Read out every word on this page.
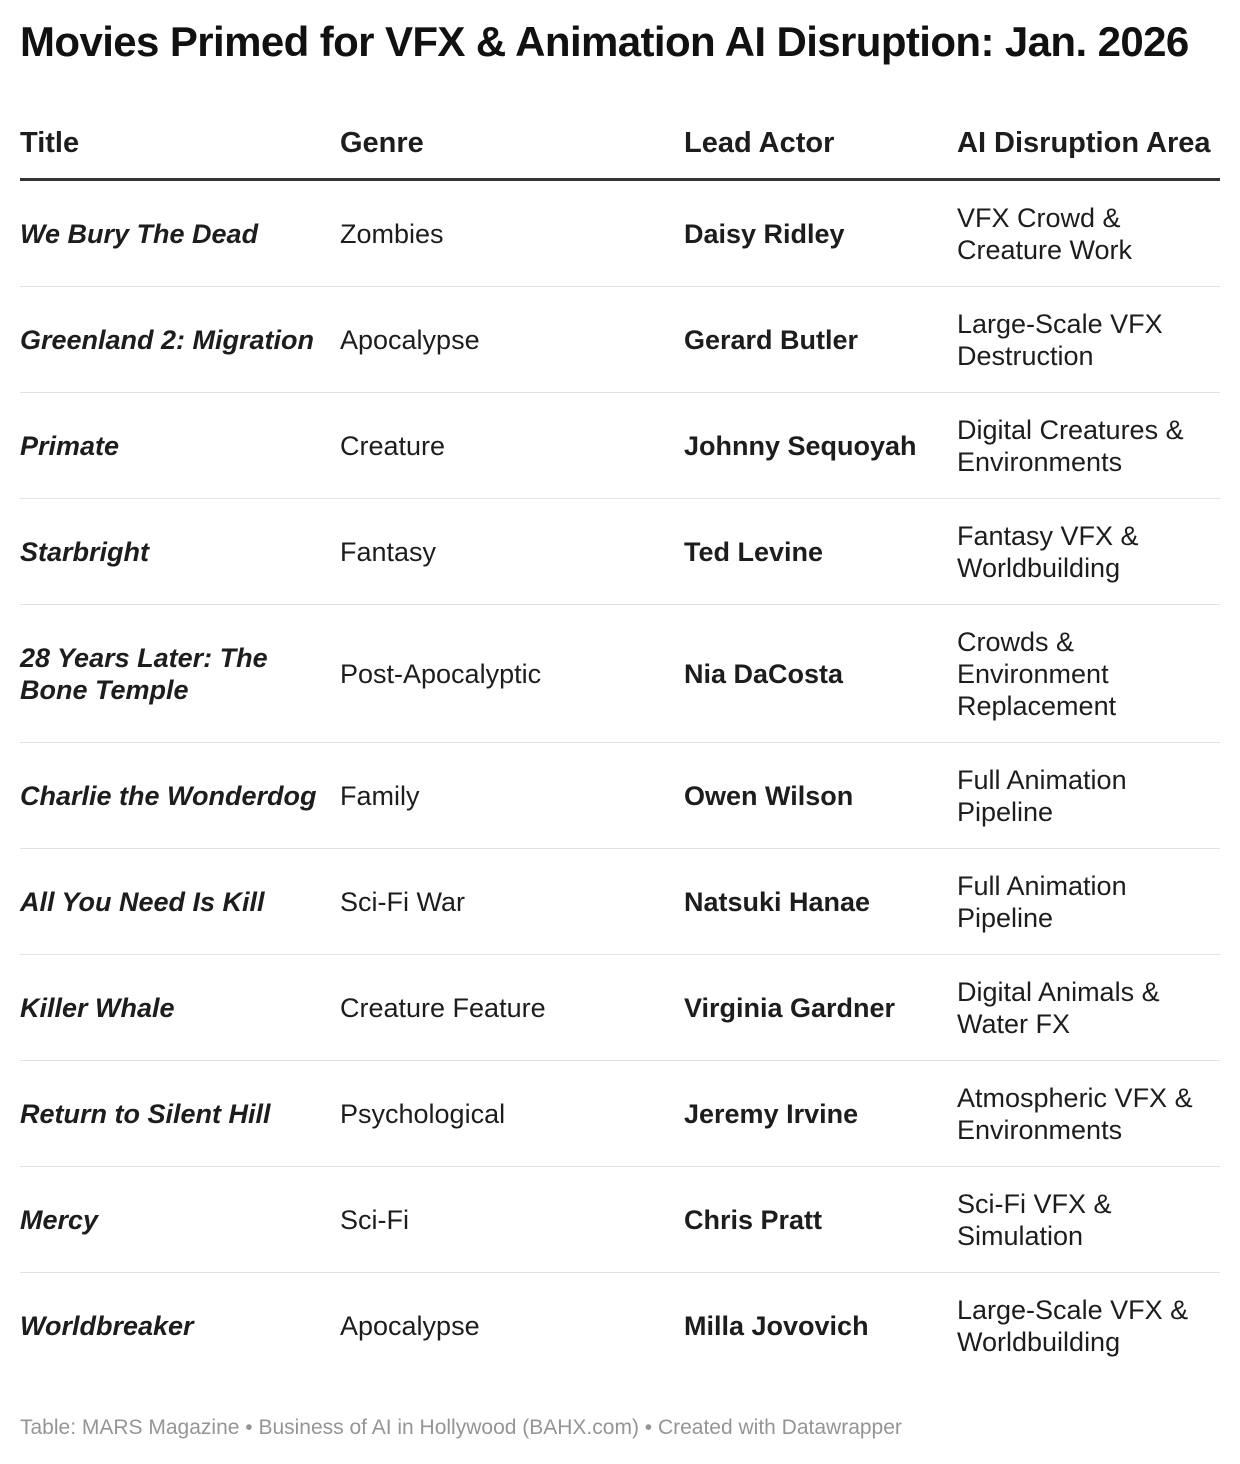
Movies Primed for VFX & Animation AI Disruption: Jan. 2026
Title	Genre	Lead Actor	AI Disruption Area
We Bury The Dead	Zombies	Daisy Ridley	VFX Crowd & Creature Work
Greenland 2: Migration	Apocalypse	Gerard Butler	Large-Scale VFX Destruction
Primate	Creature	Johnny Sequoyah	Digital Creatures & Environments
Starbright	Fantasy	Ted Levine	Fantasy VFX & Worldbuilding
28 Years Later: The Bone Temple	Post-Apocalyptic	Nia DaCosta	Crowds & Environment Replacement
Charlie the Wonderdog	Family	Owen Wilson	Full Animation Pipeline
All You Need Is Kill	Sci-Fi War	Natsuki Hanae	Full Animation Pipeline
Killer Whale	Creature Feature	Virginia Gardner	Digital Animals & Water FX
Return to Silent Hill	Psychological	Jeremy Irvine	Atmospheric VFX & Environments
Mercy	Sci-Fi	Chris Pratt	Sci-Fi VFX & Simulation
Worldbreaker	Apocalypse	Milla Jovovich	Large-Scale VFX & Worldbuilding
Table: MARS Magazine • Business of AI in Hollywood (BAHX.com) • Created with Datawrapper
